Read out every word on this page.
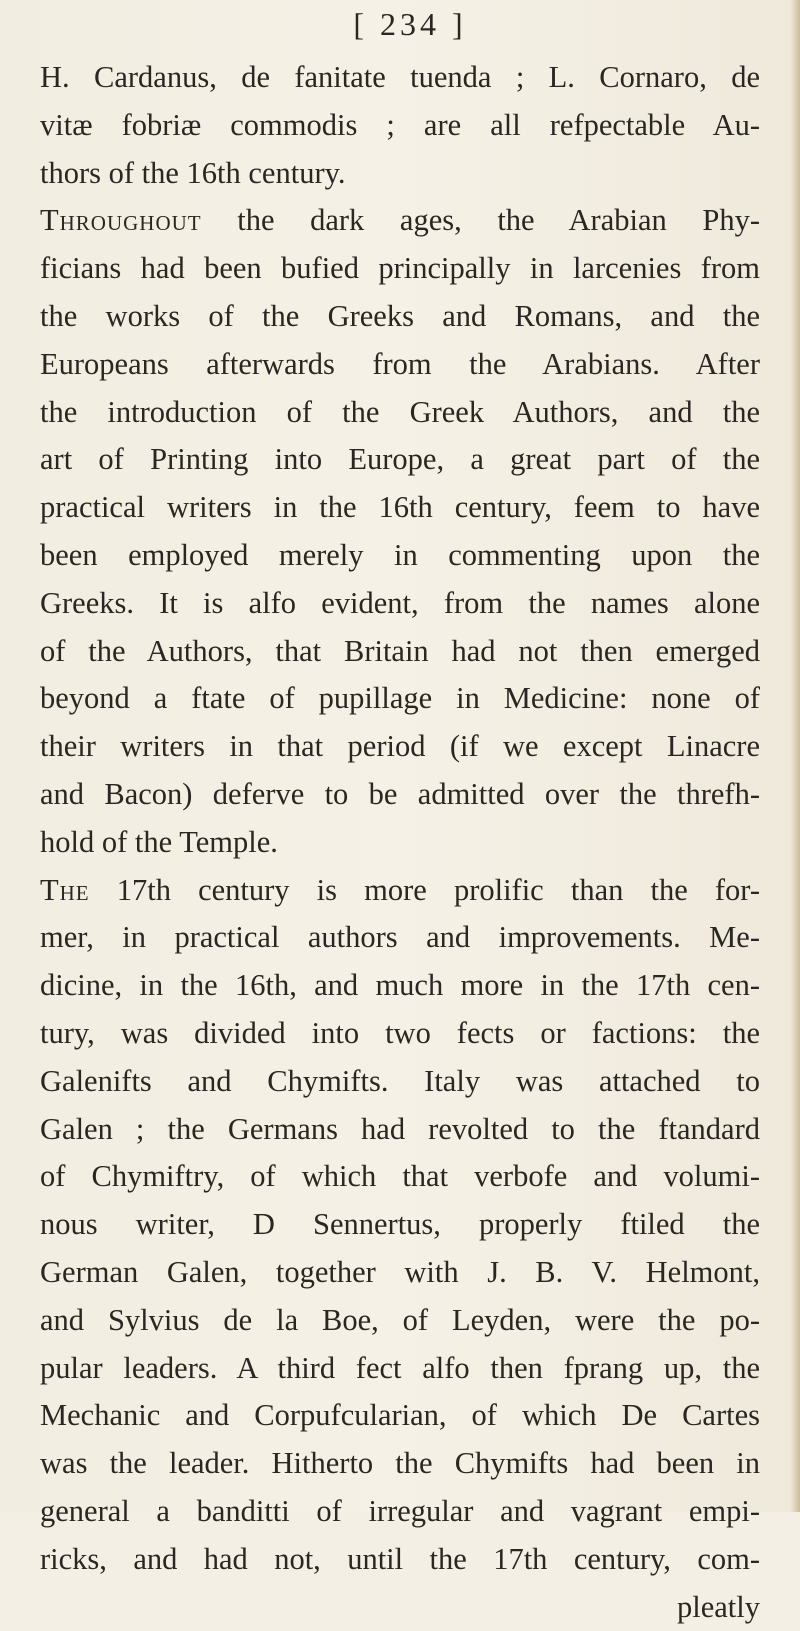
[ 234 ]

H. Cardanus, de fanitate tuenda ; L. Cornaro, de
vitæ fobriæ commodis ; are all refpectable Au-
thors of the 16th century.
Throughout the dark ages, the Arabian Phy-
ficians had been bufied principally in larcenies from
the works of the Greeks and Romans, and the
Europeans afterwards from the Arabians. After
the introduction of the Greek Authors, and the
art of Printing into Europe, a great part of the
practical writers in the 16th century, feem to have
been employed merely in commenting upon the
Greeks. It is alfo evident, from the names alone
of the Authors, that Britain had not then emerged
beyond a ftate of pupillage in Medicine: none of
their writers in that period (if we except Linacre
and Bacon) deferve to be admitted over the threfh-
hold of the Temple.
The 17th century is more prolific than the for-
mer, in practical authors and improvements. Me-
dicine, in the 16th, and much more in the 17th cen-
tury, was divided into two fects or factions: the
Galenifts and Chymifts. Italy was attached to
Galen ; the Germans had revolted to the ftandard
of Chymiftry, of which that verbofe and volumi-
nous writer, D Sennertus, properly ftiled the
German Galen, together with J. B. V. Helmont,
and Sylvius de la Boe, of Leyden, were the po-
pular leaders. A third fect alfo then fprang up, the
Mechanic and Corpufcularian, of which De Cartes
was the leader. Hitherto the Chymifts had been in
general a banditti of irregular and vagrant empi-
ricks, and had not, until the 17th century, com-
pleatly
